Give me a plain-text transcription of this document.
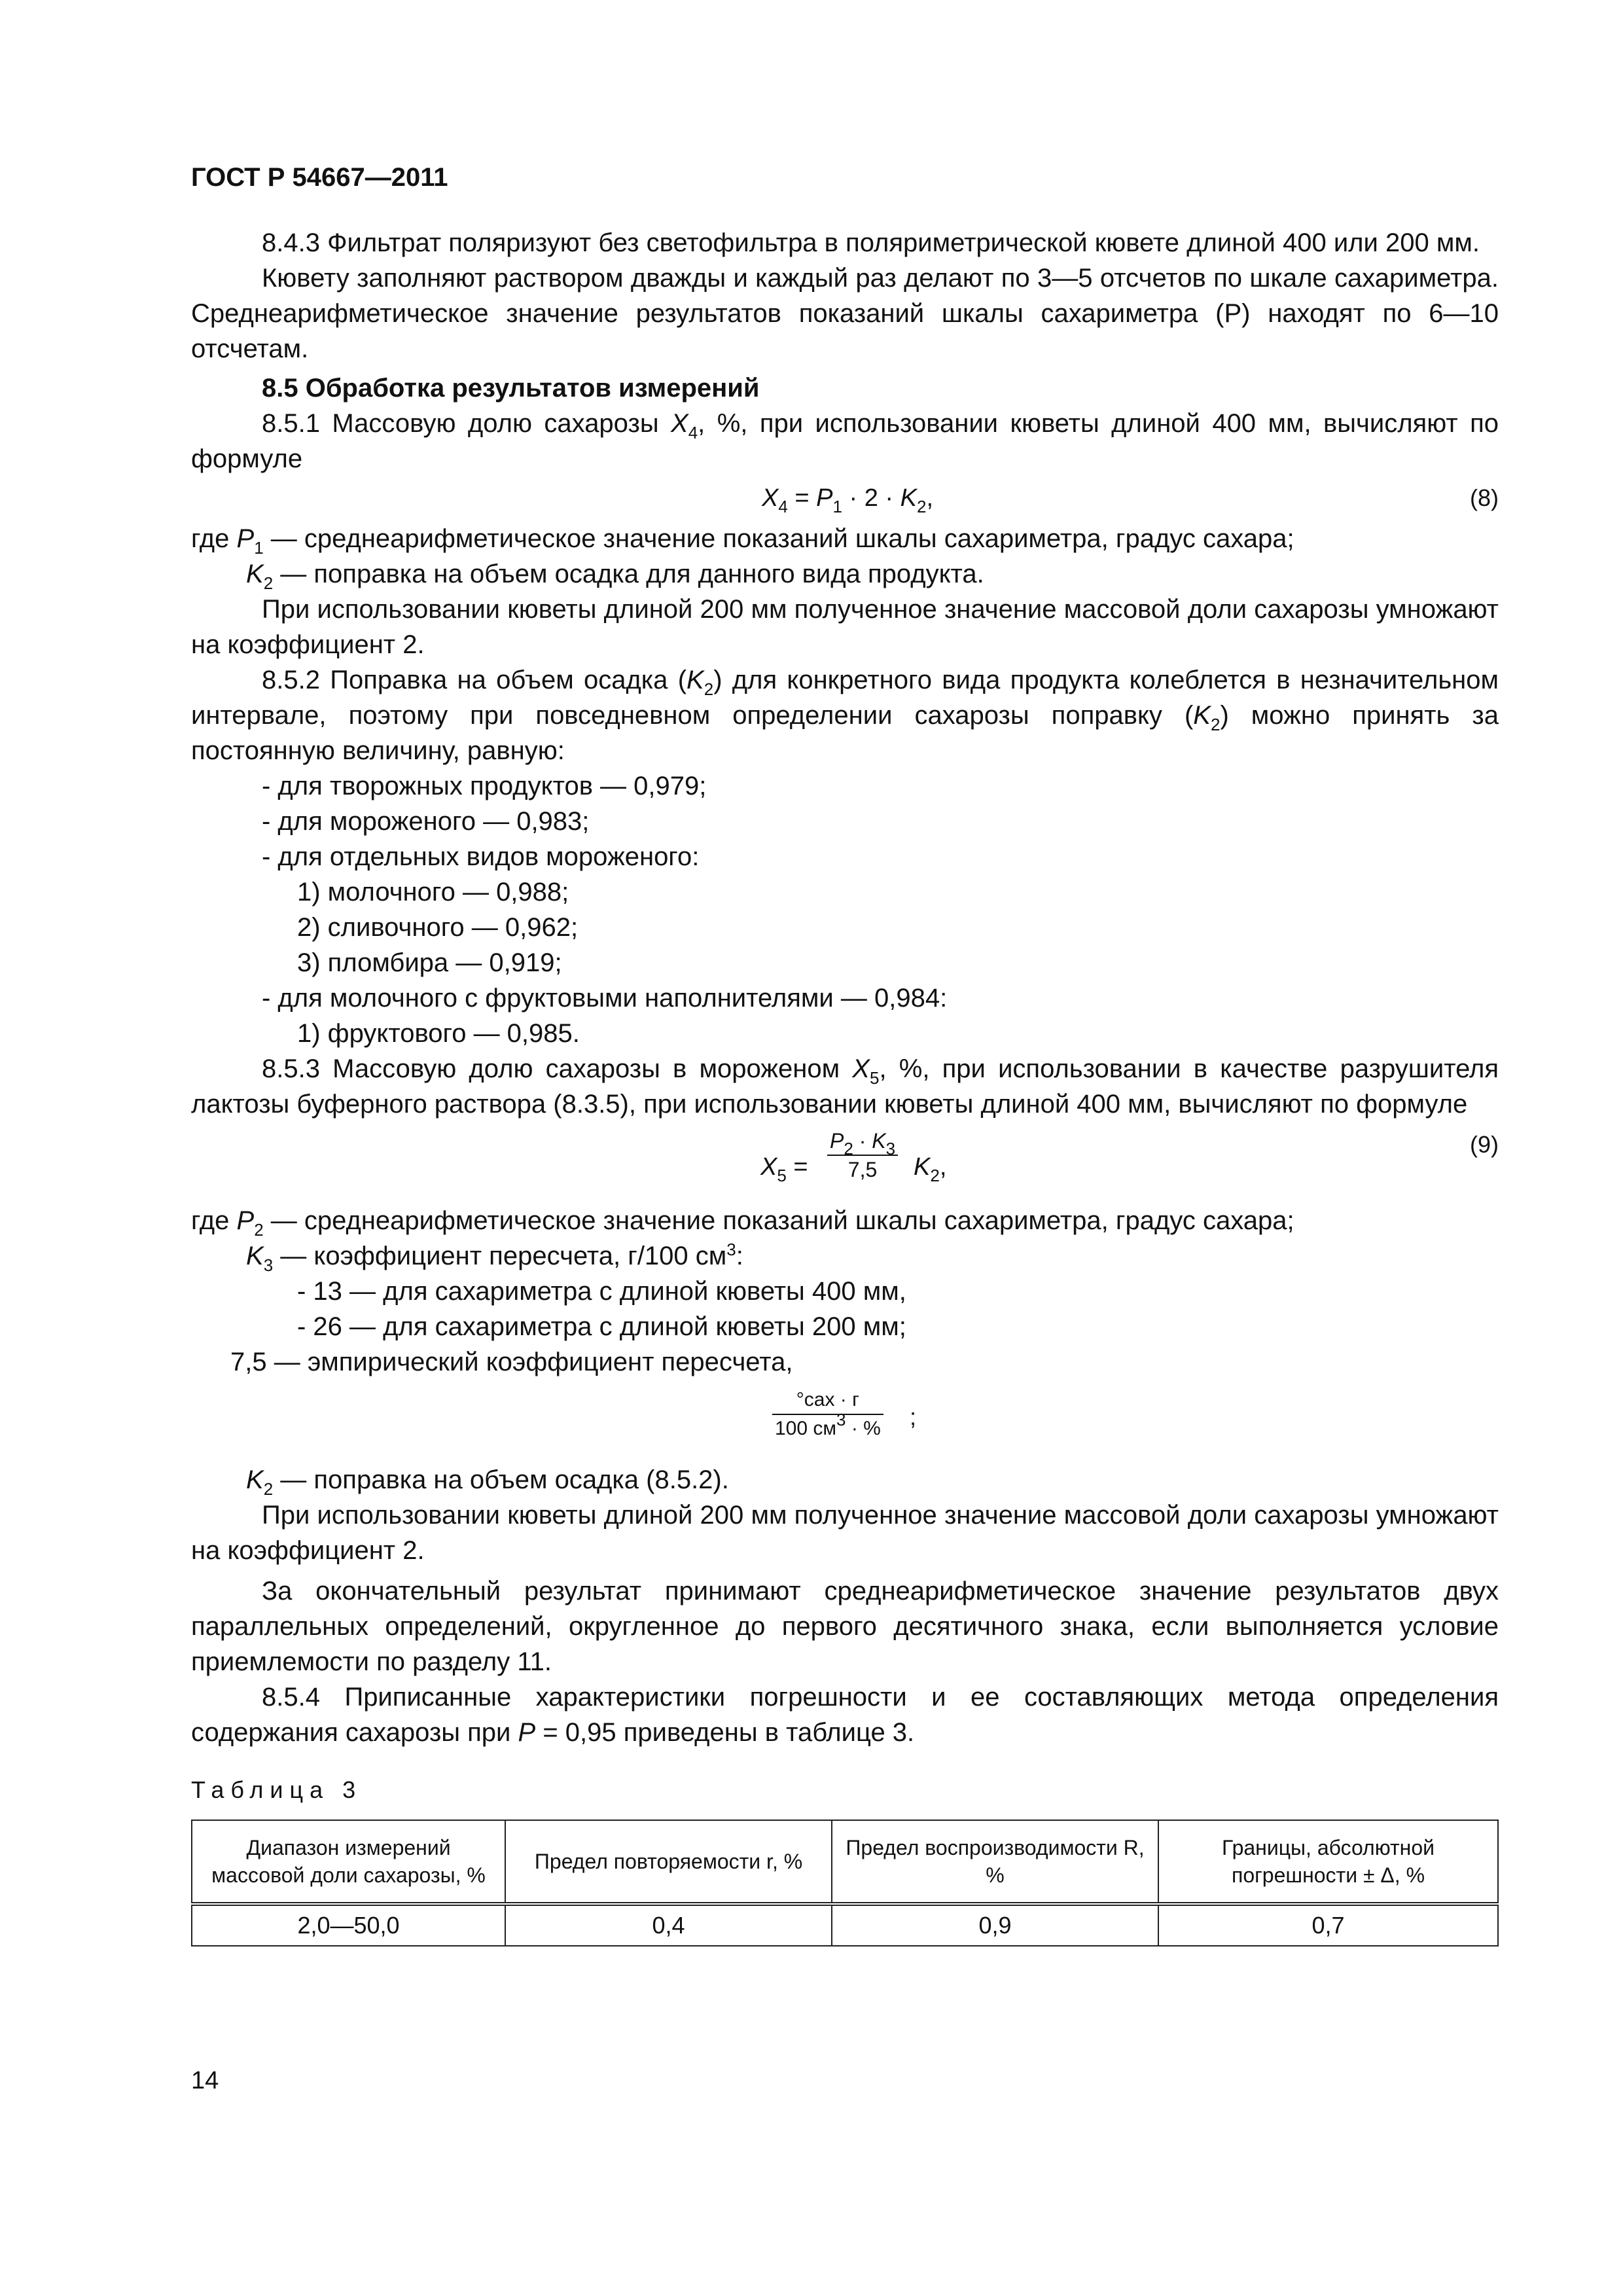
ГОСТ Р 54667—2011

8.4.3 Фильтрат поляризуют без светофильтра в поляриметрической кювете длиной 400 или 200 мм.

Кювету заполняют раствором дважды и каждый раз делают по 3—5 отсчетов по шкале сахариметра. Среднеарифметическое значение результатов показаний шкалы сахариметра (Р) находят по 6—10 отсчетам.

8.5 Обработка результатов измерений

8.5.1 Массовую долю сахарозы $X_4$, %, при использовании кюветы длиной 400 мм, вычисляют по формуле

$X_4 = P_1 \cdot 2 \cdot K_2$,	(8)

где $P_1$ — среднеарифметическое значение показаний шкалы сахариметра, градус сахара;

$K_2$ — поправка на объем осадка для данного вида продукта.

При использовании кюветы длиной 200 мм полученное значение массовой доли сахарозы умножают на коэффициент 2.

8.5.2 Поправка на объем осадка $(K_2)$ для конкретного вида продукта колеблется в незначительном интервале, поэтому при повседневном определении сахарозы поправку $(K_2)$ можно принять за постоянную величину, равную:

- для творожных продуктов — 0,979;

- для мороженого — 0,983;

- для отдельных видов мороженого:

1) молочного — 0,988;

2) сливочного — 0,962;

3) пломбира — 0,919;

- для молочного с фруктовыми наполнителями — 0,984:

1) фруктового — 0,985.

8.5.3 Массовую долю сахарозы в мороженом $X_5$, %, при использовании в качестве разрушителя лактозы буферного раствора (8.3.5), при использовании кюветы длиной 400 мм, вычисляют по формуле

$X_5 = \frac{P_2 \cdot K_3}{7,5} K_2$,
(9)

где $P_2$ — среднеарифметическое значение показаний шкалы сахариметра, градус сахара;

$K_3$ — коэффициент пересчета, г/100 $см^3$:

- 13 — для сахариметра с длиной кюветы 400 мм,

- 26 — для сахариметра с длиной кюветы 200 мм;

7,5 — эмпирический коэффициент пересчета,

°сах · г
100 $см^3$ · % ;

$K_2$ — поправка на объем осадка (8.5.2).

При использовании кюветы длиной 200 мм полученное значение массовой доли сахарозы умножают на коэффициент 2.

За окончательный результат принимают среднеарифметическое значение результатов двух параллельных определений, округленное до первого десятичного знака, если выполняется условие приемлемости по разделу 11.

8.5.4 Приписанные характеристики погрешности и ее составляющих метода определения содержания сахарозы при P = 0,95 приведены в таблице 3.

Таблица 3

Диапазон измерений массовой доли сахарозы, %	Предел повторяемости r, %	Предел воспроизводимости R, %	Границы, абсолютной погрешности ± Δ, %
2,0—50,0	0,4	0,9	0,7
14
